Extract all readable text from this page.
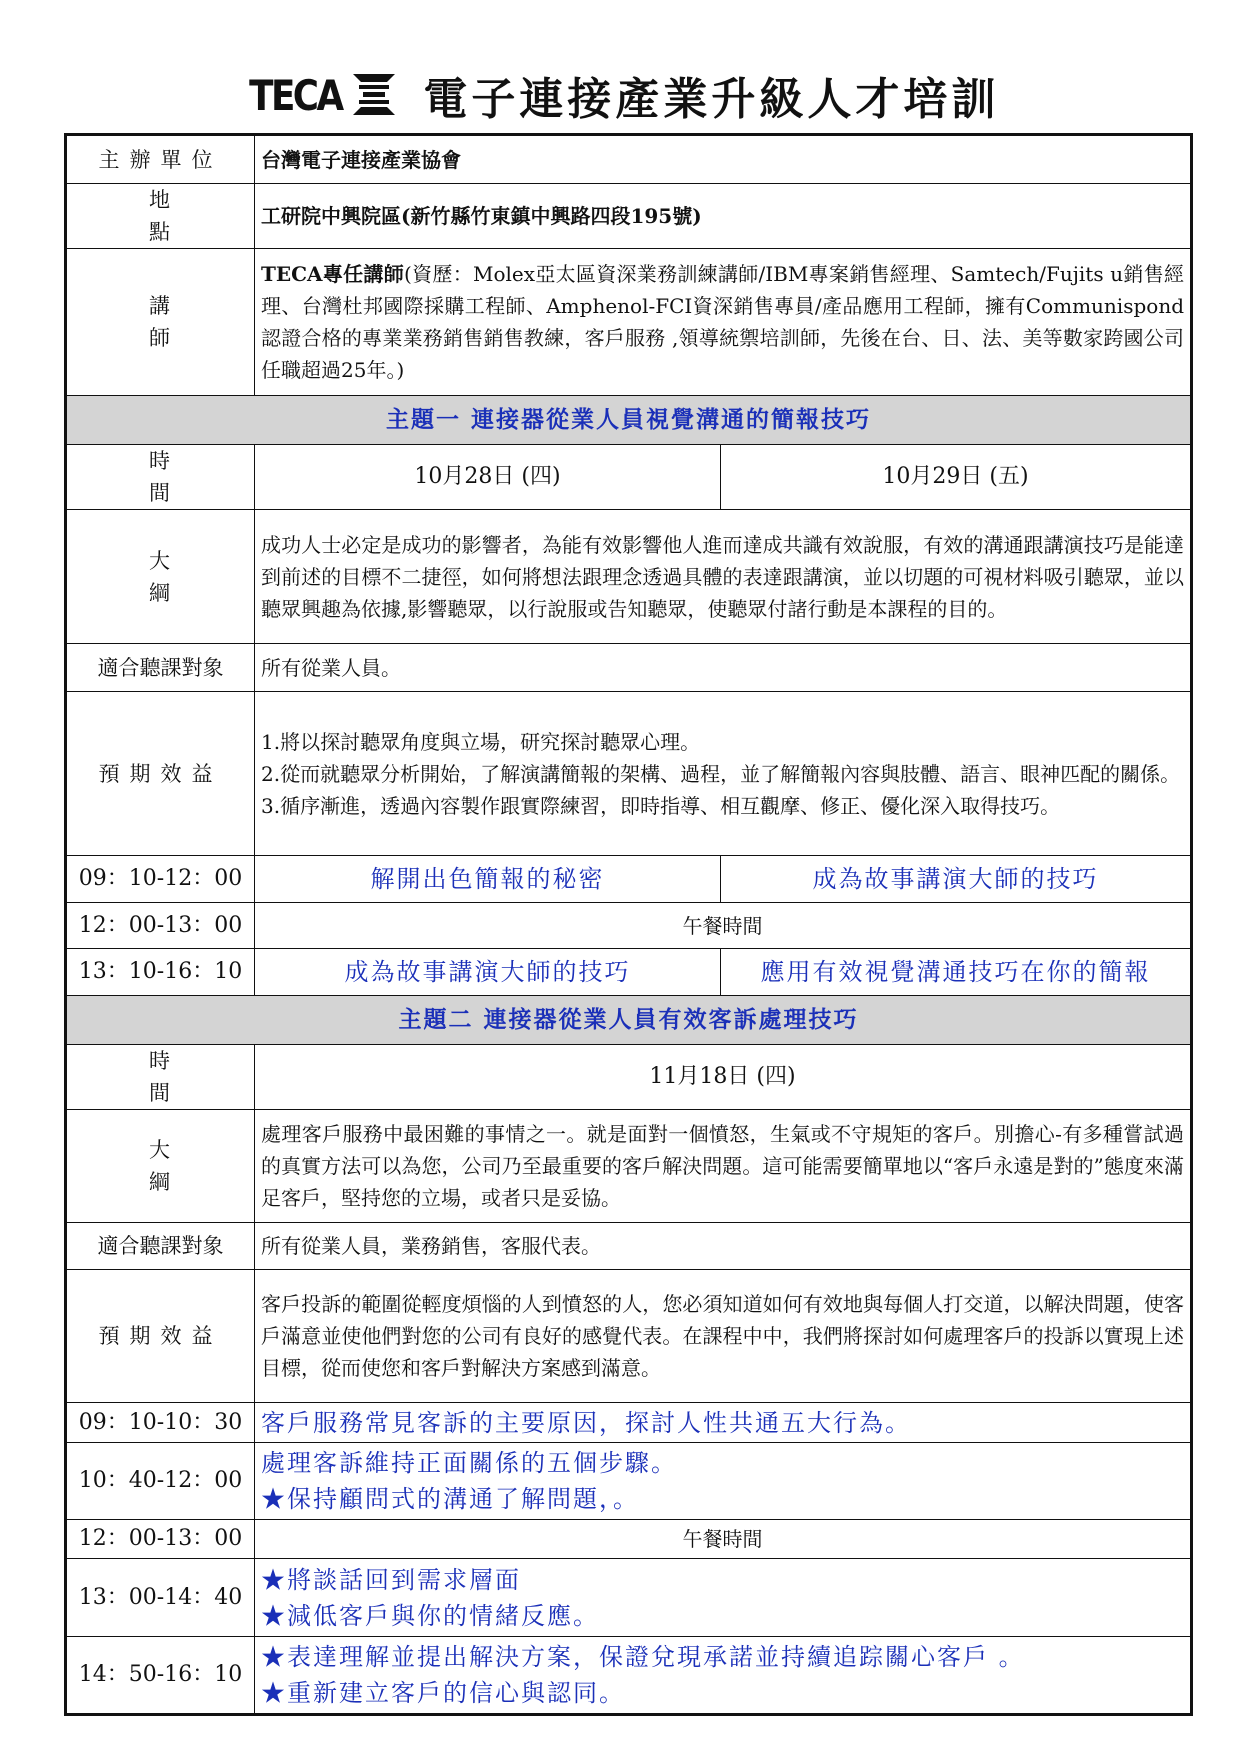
TECA 電子連接產業升級人才培訓
主辦單位	台灣電子連接產業協會	
地 點	工研院中興院區(新竹縣竹東鎮中興路四段195號)	
講 師	TECA專任講師(資歷：Molex亞太區資深業務訓練講師/IBM專案銷售經理、Samtech/Fujits u銷售經理、台灣杜邦國際採購工程師、Amphenol-FCI資深銷售專員/產品應用工程師，擁有Communispond認證合格的專業業務銷售銷售教練，客戶服務 ,領導統禦培訓師，先後在台、日、法、美等數家跨國公司任職超過25年。)	
主題一 連接器從業人員視覺溝通的簡報技巧		
時 間	10月28日 (四)	10月29日 (五)
大 綱	成功人士必定是成功的影響者，為能有效影響他人進而達成共識有效說服，有效的溝通跟講演技巧是能達到前述的目標不二捷徑，如何將想法跟理念透過具體的表達跟講演，並以切題的可視材料吸引聽眾，並以聽眾興趣為依據,影響聽眾，以行說服或告知聽眾，使聽眾付諸行動是本課程的目的。	
適合聽課對象	所有從業人員。	
預期效益	1.將以探討聽眾角度與立場，研究探討聽眾心理。
2.從而就聽眾分析開始，了解演講簡報的架構、過程，並了解簡報內容與肢體、語言、眼神匹配的關係。
3.循序漸進，透過內容製作跟實際練習，即時指導、相互觀摩、修正、優化深入取得技巧。	

09：10-12：00	解開出色簡報的秘密	成為故事講演大師的技巧
12：00-13：00	午餐時間	
13：10-16：10	成為故事講演大師的技巧	應用有效視覺溝通技巧在你的簡報
主題二 連接器從業人員有效客訴處理技巧		
時 間	11月18日 (四)	
大 綱	處理客戶服務中最困難的事情之一。就是面對一個憤怒，生氣或不守規矩的客戶。別擔心-有多種嘗試過的真實方法可以為您，公司乃至最重要的客戶解決問題。這可能需要簡單地以“客戶永遠是對的”態度來滿足客戶，堅持您的立場，或者只是妥協。	
適合聽課對象	所有從業人員，業務銷售，客服代表。	
預期效益	客戶投訴的範圍從輕度煩惱的人到憤怒的人，您必須知道如何有效地與每個人打交道，以解決問題，使客戶滿意並使他們對您的公司有良好的感覺代表。在課程中中，我們將探討如何處理客戶的投訴以實現上述目標，從而使您和客戶對解決方案感到滿意。	
09：10-10：30	客戶服務常見客訴的主要原因，探討人性共通五大行為。	

10：40-12：00	處理客訴維持正面關係的五個步驟。
★保持顧問式的溝通了解問題，。	

12：00-13：00	午餐時間	
13：00-14：40	★將談話回到需求層面
★減低客戶與你的情緒反應。	

14：50-16：10	★表達理解並提出解決方案，保證兌現承諾並持續追踪關心客戶 。
★重新建立客戶的信心與認同。	
